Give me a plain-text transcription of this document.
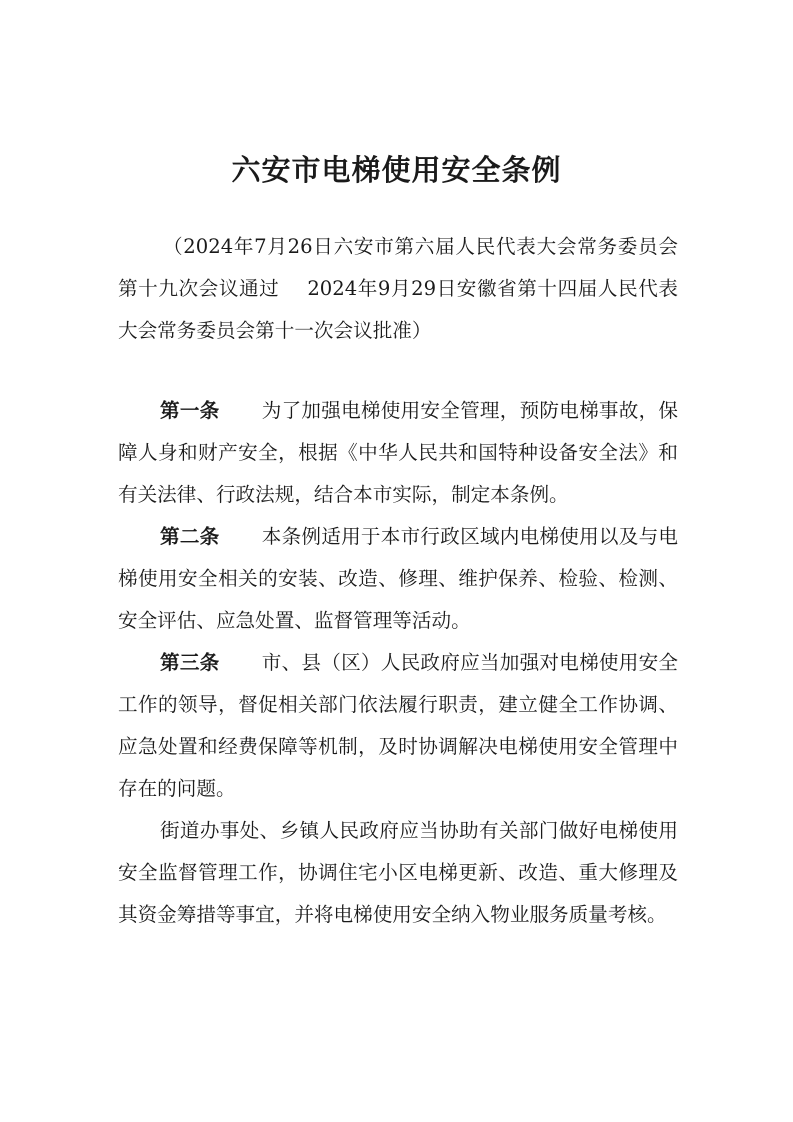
六安市电梯使用安全条例

（2024年7月26日六安市第六届人民代表大会常务委员会第十九次会议通过 2024年9月29日安徽省第十四届人民代表大会常务委员会第十一次会议批准）

第一条 为了加强电梯使用安全管理，预防电梯事故，保障人身和财产安全，根据《中华人民共和国特种设备安全法》和有关法律、行政法规，结合本市实际，制定本条例。

第二条 本条例适用于本市行政区域内电梯使用以及与电梯使用安全相关的安装、改造、修理、维护保养、检验、检测、安全评估、应急处置、监督管理等活动。

第三条 市、县（区）人民政府应当加强对电梯使用安全工作的领导，督促相关部门依法履行职责，建立健全工作协调、应急处置和经费保障等机制，及时协调解决电梯使用安全管理中存在的问题。

街道办事处、乡镇人民政府应当协助有关部门做好电梯使用安全监督管理工作，协调住宅小区电梯更新、改造、重大修理及其资金筹措等事宜，并将电梯使用安全纳入物业服务质量考核。
